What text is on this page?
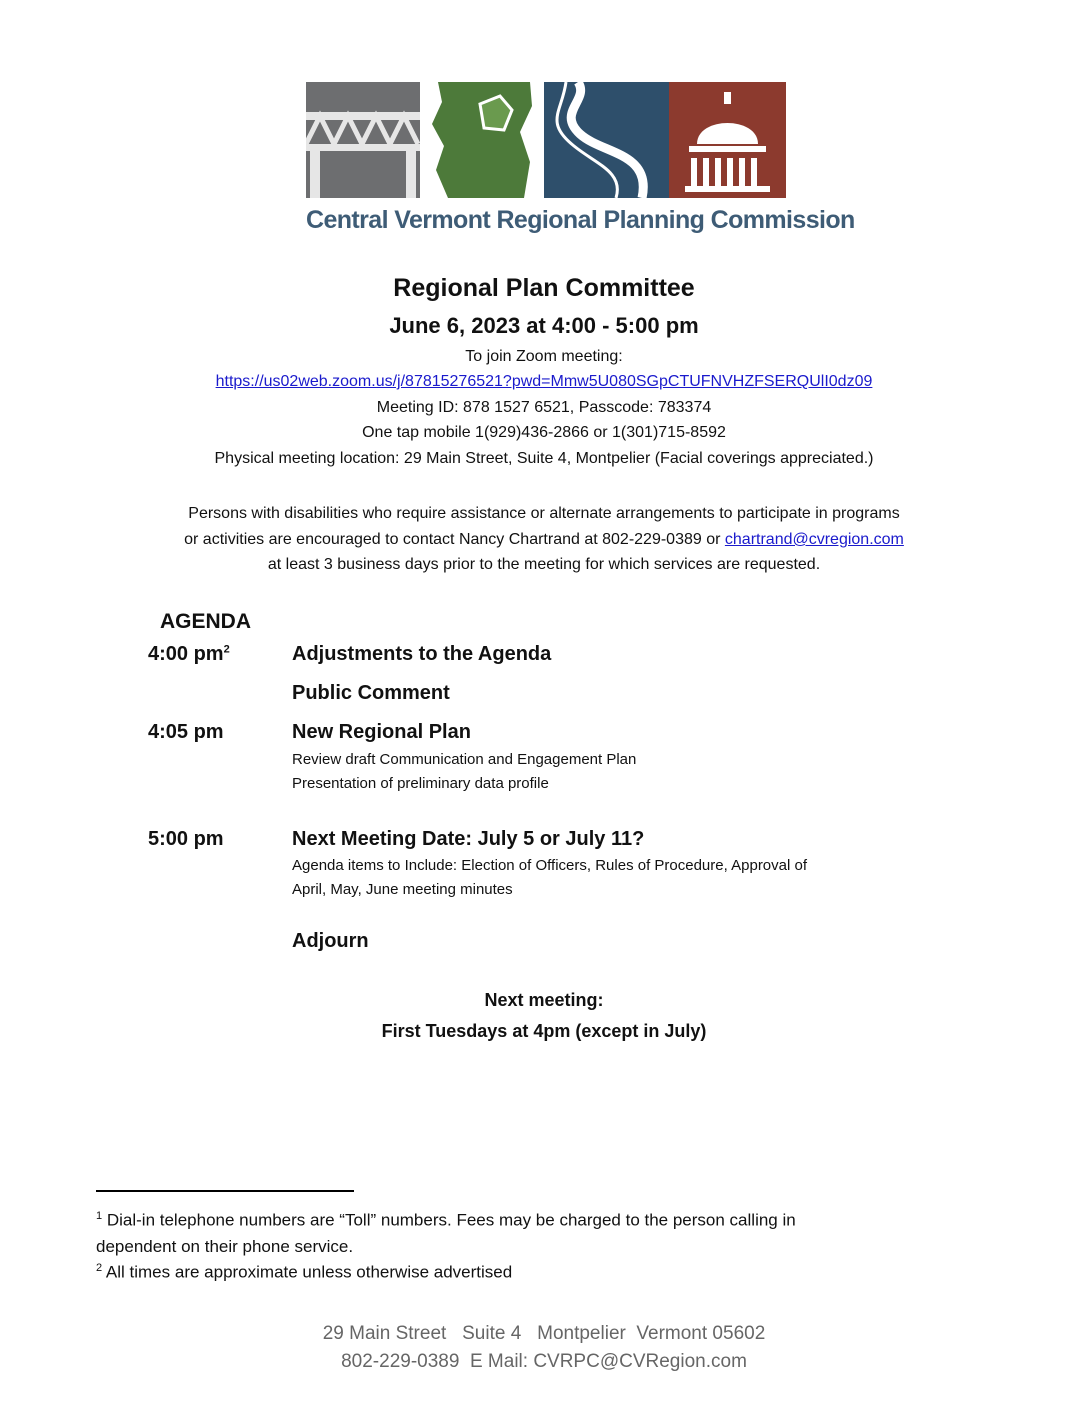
Central Vermont Regional Planning Commission
Regional Plan Committee
June 6, 2023 at 4:00 - 5:00 pm
To join Zoom meeting:
https://us02web.zoom.us/j/87815276521?pwd=Mmw5U080SGpCTUFNVHZFSERQUlI0dz09
Meeting ID: 878 1527 6521, Passcode: 783374
One tap mobile 1(929)436-2866 or 1(301)715-8592
Physical meeting location: 29 Main Street, Suite 4, Montpelier (Facial coverings appreciated.)
Persons with disabilities who require assistance or alternate arrangements to participate in programs
or activities are encouraged to contact Nancy Chartrand at 802-229-0389 or chartrand@cvregion.com
at least 3 business days prior to the meeting for which services are requested.
AGENDA
4:00 $pm^2$	Adjustments to the Agenda
Public Comment
4:05 pm	New Regional Plan
Review draft Communication and Engagement Plan
Presentation of preliminary data profile
5:00 pm	Next Meeting Date: July 5 or July 11?
Agenda items to Include: Election of Officers, Rules of Procedure, Approval of
April, May, June meeting minutes
Adjourn
Next meeting:
First Tuesdays at 4pm (except in July)
$^1$ Dial-in telephone numbers are “Toll” numbers. Fees may be charged to the person calling in
dependent on their phone service.
$^2$ All times are approximate unless otherwise advertised
29 Main Street   Suite 4   Montpelier  Vermont 05602
802-229-0389  E Mail: CVRPC@CVRegion.com
